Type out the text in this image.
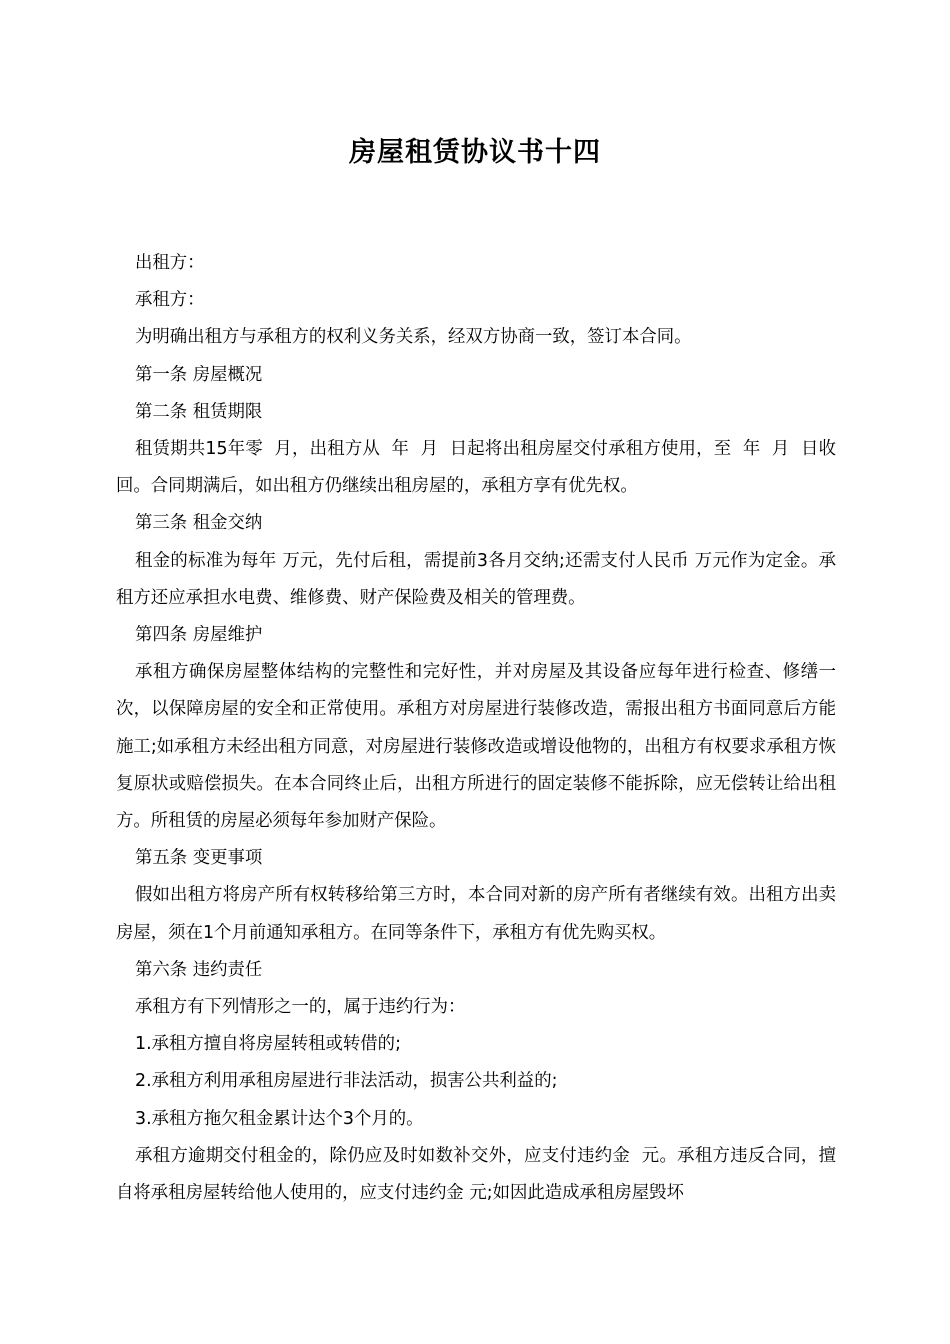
房屋租赁协议书十四

出租方：

承租方：

为明确出租方与承租方的权利义务关系，经双方协商一致，签订本合同。

第一条 房屋概况

第二条 租赁期限

租赁期共15年零  月，出租方从  年  月  日起将出租房屋交付承租方使用，至  年  月  日收回。合同期满后，如出租方仍继续出租房屋的，承租方享有优先权。

第三条 租金交纳

租金的标准为每年 万元，先付后租，需提前3各月交纳;还需支付人民币 万元作为定金。承租方还应承担水电费、维修费、财产保险费及相关的管理费。

第四条 房屋维护

承租方确保房屋整体结构的完整性和完好性，并对房屋及其设备应每年进行检查、修缮一次，以保障房屋的安全和正常使用。承租方对房屋进行装修改造，需报出租方书面同意后方能施工;如承租方未经出租方同意，对房屋进行装修改造或增设他物的，出租方有权要求承租方恢复原状或赔偿损失。在本合同终止后，出租方所进行的固定装修不能拆除，应无偿转让给出租方。所租赁的房屋必须每年参加财产保险。

第五条 变更事项

假如出租方将房产所有权转移给第三方时，本合同对新的房产所有者继续有效。出租方出卖房屋，须在1个月前通知承租方。在同等条件下，承租方有优先购买权。

第六条 违约责任

承租方有下列情形之一的，属于违约行为：

1.承租方擅自将房屋转租或转借的;

2.承租方利用承租房屋进行非法活动，损害公共利益的;

3.承租方拖欠租金累计达个3个月的。

承租方逾期交付租金的，除仍应及时如数补交外，应支付违约金  元。承租方违反合同，擅自将承租房屋转给他人使用的，应支付违约金 元;如因此造成承租房屋毁坏
